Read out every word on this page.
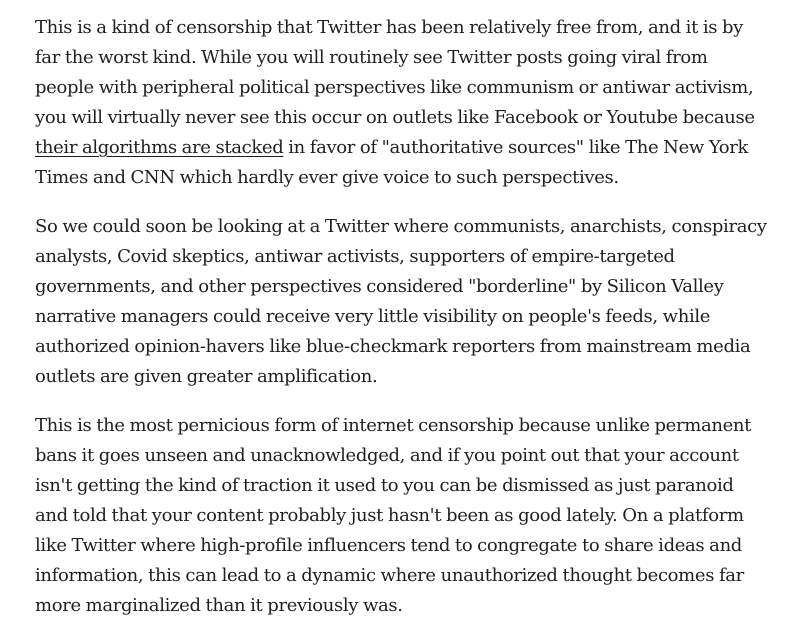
This is a kind of censorship that Twitter has been relatively free from, and it is by far the worst kind. While you will routinely see Twitter posts going viral from people with peripheral political perspectives like communism or antiwar activism, you will virtually never see this occur on outlets like Facebook or Youtube because their algorithms are stacked in favor of "authoritative sources" like The New York Times and CNN which hardly ever give voice to such perspectives.

So we could soon be looking at a Twitter where communists, anarchists, conspiracy analysts, Covid skeptics, antiwar activists, supporters of empire-targeted governments, and other perspectives considered "borderline" by Silicon Valley narrative managers could receive very little visibility on people's feeds, while authorized opinion-havers like blue-checkmark reporters from mainstream media outlets are given greater amplification.

This is the most pernicious form of internet censorship because unlike permanent bans it goes unseen and unacknowledged, and if you point out that your account isn't getting the kind of traction it used to you can be dismissed as just paranoid and told that your content probably just hasn't been as good lately. On a platform like Twitter where high-profile influencers tend to congregate to share ideas and information, this can lead to a dynamic where unauthorized thought becomes far more marginalized than it previously was.
